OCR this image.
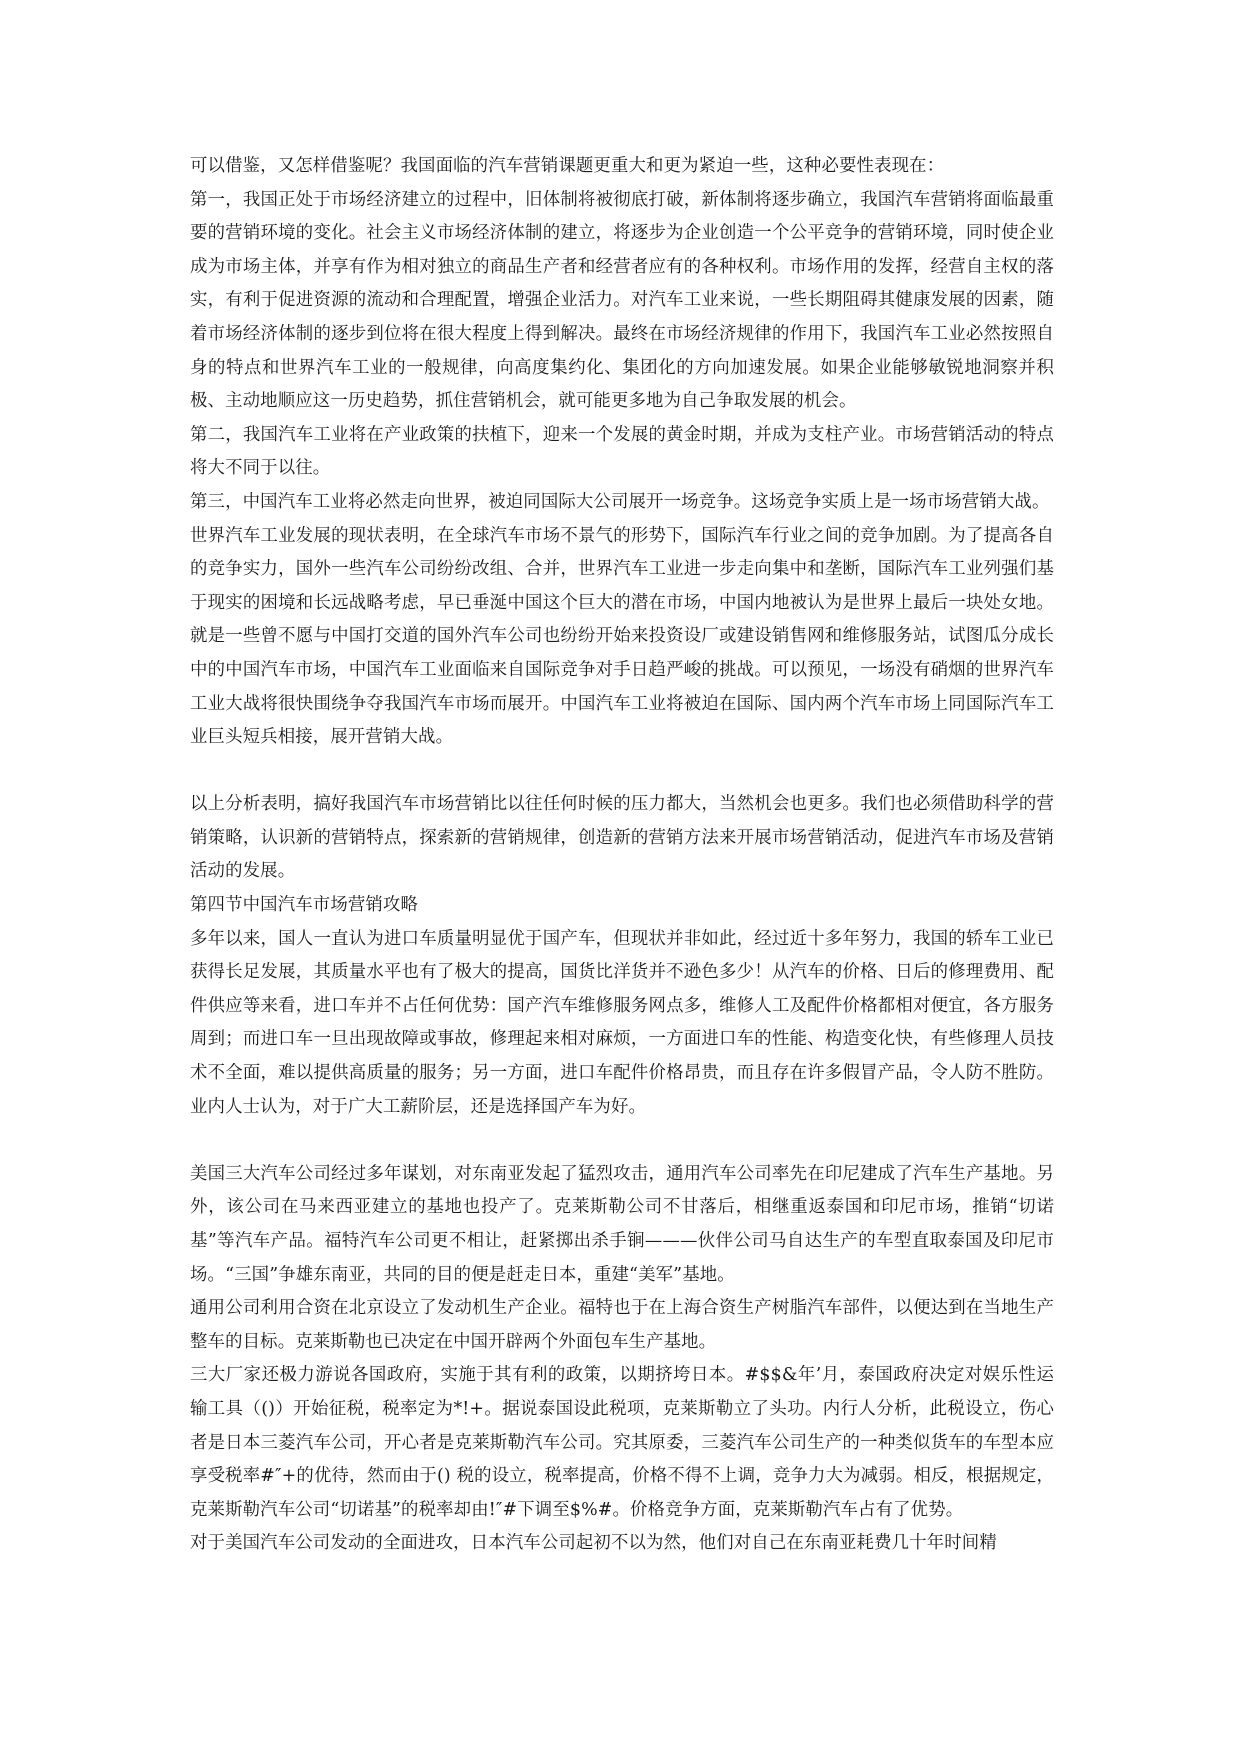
可以借鉴，又怎样借鉴呢？我国面临的汽车营销课题更重大和更为紧迫一些，这种必要性表现在：

第一，我国正处于市场经济建立的过程中，旧体制将被彻底打破，新体制将逐步确立，我国汽车营销将面临最重要的营销环境的变化。社会主义市场经济体制的建立，将逐步为企业创造一个公平竞争的营销环境，同时使企业成为市场主体，并享有作为相对独立的商品生产者和经营者应有的各种权利。市场作用的发挥，经营自主权的落实，有利于促进资源的流动和合理配置，增强企业活力。对汽车工业来说，一些长期阻碍其健康发展的因素，随着市场经济体制的逐步到位将在很大程度上得到解决。最终在市场经济规律的作用下，我国汽车工业必然按照自身的特点和世界汽车工业的一般规律，向高度集约化、集团化的方向加速发展。如果企业能够敏锐地洞察并积极、主动地顺应这一历史趋势，抓住营销机会，就可能更多地为自己争取发展的机会。

第二，我国汽车工业将在产业政策的扶植下，迎来一个发展的黄金时期，并成为支柱产业。市场营销活动的特点将大不同于以往。

第三，中国汽车工业将必然走向世界，被迫同国际大公司展开一场竞争。这场竞争实质上是一场市场营销大战。

世界汽车工业发展的现状表明，在全球汽车市场不景气的形势下，国际汽车行业之间的竞争加剧。为了提高各自的竞争实力，国外一些汽车公司纷纷改组、合并，世界汽车工业进一步走向集中和垄断，国际汽车工业列强们基于现实的困境和长远战略考虑，早已垂涎中国这个巨大的潜在市场，中国内地被认为是世界上最后一块处女地。就是一些曾不愿与中国打交道的国外汽车公司也纷纷开始来投资设厂或建设销售网和维修服务站，试图瓜分成长中的中国汽车市场，中国汽车工业面临来自国际竞争对手日趋严峻的挑战。可以预见，一场没有硝烟的世界汽车工业大战将很快围绕争夺我国汽车市场而展开。中国汽车工业将被迫在国际、国内两个汽车市场上同国际汽车工业巨头短兵相接，展开营销大战。

以上分析表明，搞好我国汽车市场营销比以往任何时候的压力都大，当然机会也更多。我们也必须借助科学的营销策略，认识新的营销特点，探索新的营销规律，创造新的营销方法来开展市场营销活动，促进汽车市场及营销活动的发展。

第四节中国汽车市场营销攻略

多年以来，国人一直认为进口车质量明显优于国产车，但现状并非如此，经过近十多年努力，我国的轿车工业已获得长足发展，其质量水平也有了极大的提高，国货比洋货并不逊色多少！从汽车的价格、日后的修理费用、配件供应等来看，进口车并不占任何优势：国产汽车维修服务网点多，维修人工及配件价格都相对便宜，各方服务周到；而进口车一旦出现故障或事故，修理起来相对麻烦，一方面进口车的性能、构造变化快，有些修理人员技术不全面，难以提供高质量的服务；另一方面，进口车配件价格昂贵，而且存在许多假冒产品，令人防不胜防。业内人士认为，对于广大工薪阶层，还是选择国产车为好。

美国三大汽车公司经过多年谋划，对东南亚发起了猛烈攻击，通用汽车公司率先在印尼建成了汽车生产基地。另外，该公司在马来西亚建立的基地也投产了。克莱斯勒公司不甘落后，相继重返泰国和印尼市场，推销“切诺基”等汽车产品。福特汽车公司更不相让，赶紧掷出杀手锏———伙伴公司马自达生产的车型直取泰国及印尼市场。“三国”争雄东南亚，共同的目的便是赶走日本，重建“美军”基地。

通用公司利用合资在北京设立了发动机生产企业。福特也于在上海合资生产树脂汽车部件，以便达到在当地生产整车的目标。克莱斯勒也已决定在中国开辟两个外面包车生产基地。

三大厂家还极力游说各国政府，实施于其有利的政策，以期挤垮日本。#$$&年’月，泰国政府决定对娱乐性运输工具（()）开始征税，税率定为*!+。据说泰国设此税项，克莱斯勒立了头功。内行人分析，此税设立，伤心者是日本三菱汽车公司，开心者是克莱斯勒汽车公司。究其原委，三菱汽车公司生产的一种类似货车的车型本应享受税率#″+的优待，然而由于() 税的设立，税率提高，价格不得不上调，竞争力大为减弱。相反，根据规定，克莱斯勒汽车公司“切诺基”的税率却由!″#下调至$%#。价格竞争方面，克莱斯勒汽车占有了优势。

对于美国汽车公司发动的全面进攻，日本汽车公司起初不以为然，他们对自己在东南亚耗费几十年时间精
